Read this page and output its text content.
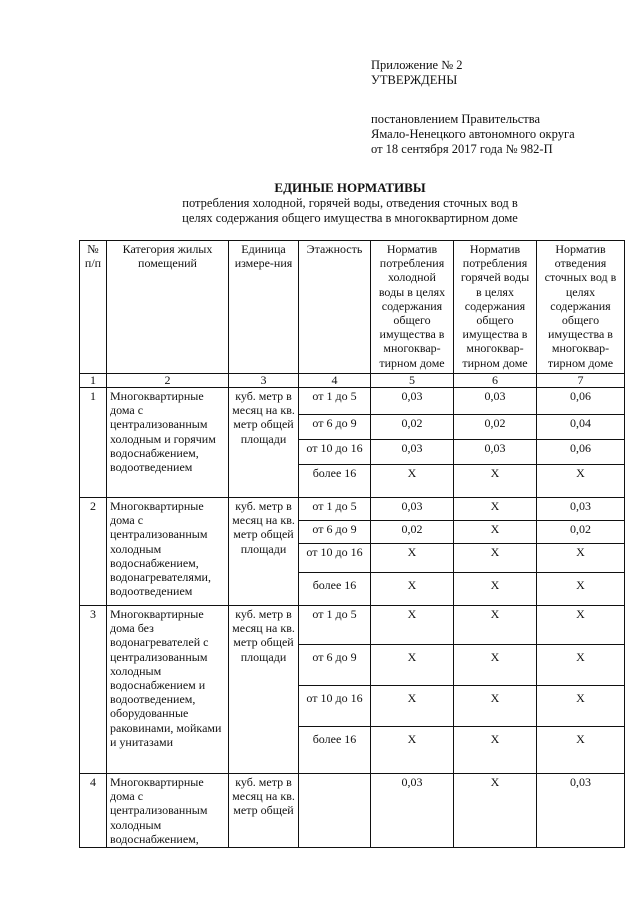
Приложение № 2
УТВЕРЖДЕНЫ
постановлением Правительства
Ямало-Ненецкого автономного округа
от 18 сентября 2017 года № 982-П
ЕДИНЫЕ НОРМАТИВЫ
потребления холодной, горячей воды, отведения сточных вод в
целях содержания общего имущества в многоквартирном доме
№ п/п	Категория жилых помещений	Единица измере-ния	Этажность	Норматив потребления холодной воды в целях содержания общего имущества в многоквар-тирном доме	Норматив потребления горячей воды в целях содержания общего имущества в многоквар-тирном доме	Норматив отведения сточных вод в целях содержания общего имущества в многоквар-тирном доме
1	2	3	4	5	6	7
1	Многоквартирные дома с централизованным холодным и горячим водоснабжением, водоотведением	куб. метр в месяц на кв. метр общей площади	от 1 до 5	0,03	0,03	0,06
			от 6 до 9	0,02	0,02	0,04
			от 10 до 16	0,03	0,03	0,06
			более 16	Х	Х	Х
2	Многоквартирные дома с централизованным холодным водоснабжением, водонагревателями, водоотведением	куб. метр в месяц на кв. метр общей площади	от 1 до 5	0,03	Х	0,03
			от 6 до 9	0,02	Х	0,02
			от 10 до 16	Х	Х	Х
			более 16	Х	Х	Х
3	Многоквартирные дома без водонагревателей с централизованным холодным водоснабжением и водоотведением, оборудованные раковинами, мойками и унитазами	куб. метр в месяц на кв. метр общей площади	от 1 до 5	Х	Х	Х
			от 6 до 9	Х	Х	Х
			от 10 до 16	Х	Х	Х
			более 16	Х	Х	Х
4	Многоквартирные дома с централизованным холодным водоснабжением,	куб. метр в месяц на кв. метр общей		0,03	Х	0,03
